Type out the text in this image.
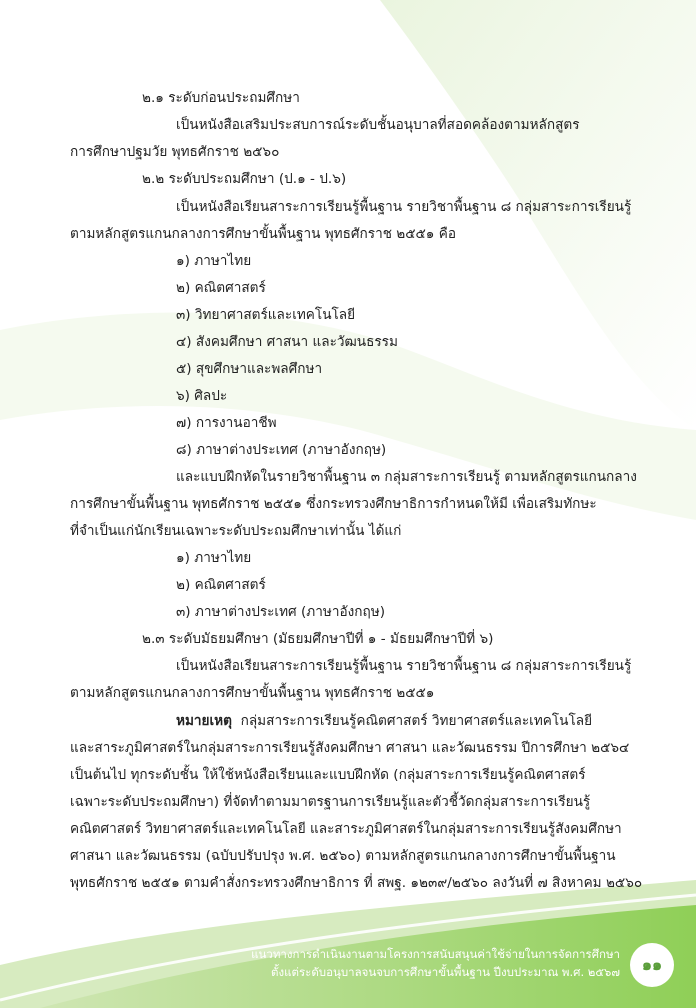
๒.๑ ระดับก่อนประถมศึกษา
เป็นหนังสือเสริมประสบการณ์ระดับชั้นอนุบาลที่สอดคล้องตามหลักสูตร
การศึกษาปฐมวัย พุทธศักราช ๒๕๖๐
๒.๒ ระดับประถมศึกษา (ป.๑ - ป.๖)
เป็นหนังสือเรียนสาระการเรียนรู้พื้นฐาน รายวิชาพื้นฐาน ๘ กลุ่มสาระการเรียนรู้
ตามหลักสูตรแกนกลางการศึกษาขั้นพื้นฐาน พุทธศักราช ๒๕๕๑ คือ
๑) ภาษาไทย
๒) คณิตศาสตร์
๓) วิทยาศาสตร์และเทคโนโลยี
๔) สังคมศึกษา ศาสนา และวัฒนธรรม
๕) สุขศึกษาและพลศึกษา
๖) ศิลปะ
๗) การงานอาชีพ
๘) ภาษาต่างประเทศ (ภาษาอังกฤษ)
และแบบฝึกหัดในรายวิชาพื้นฐาน ๓ กลุ่มสาระการเรียนรู้ ตามหลักสูตรแกนกลาง
การศึกษาขั้นพื้นฐาน พุทธศักราช ๒๕๕๑ ซึ่งกระทรวงศึกษาธิการกำหนดให้มี เพื่อเสริมทักษะ
ที่จำเป็นแก่นักเรียนเฉพาะระดับประถมศึกษาเท่านั้น ได้แก่
๑) ภาษาไทย
๒) คณิตศาสตร์
๓) ภาษาต่างประเทศ (ภาษาอังกฤษ)
๒.๓ ระดับมัธยมศึกษา (มัธยมศึกษาปีที่ ๑ - มัธยมศึกษาปีที่ ๖)
เป็นหนังสือเรียนสาระการเรียนรู้พื้นฐาน รายวิชาพื้นฐาน ๘ กลุ่มสาระการเรียนรู้
ตามหลักสูตรแกนกลางการศึกษาขั้นพื้นฐาน พุทธศักราช ๒๕๕๑
หมายเหตุ กลุ่มสาระการเรียนรู้คณิตศาสตร์ วิทยาศาสตร์และเทคโนโลยี
และสาระภูมิศาสตร์ในกลุ่มสาระการเรียนรู้สังคมศึกษา ศาสนา และวัฒนธรรม ปีการศึกษา ๒๕๖๔
เป็นต้นไป ทุกระดับชั้น ให้ใช้หนังสือเรียนและแบบฝึกหัด (กลุ่มสาระการเรียนรู้คณิตศาสตร์
เฉพาะระดับประถมศึกษา) ที่จัดทำตามมาตรฐานการเรียนรู้และตัวชี้วัดกลุ่มสาระการเรียนรู้
คณิตศาสตร์ วิทยาศาสตร์และเทคโนโลยี และสาระภูมิศาสตร์ในกลุ่มสาระการเรียนรู้สังคมศึกษา
ศาสนา และวัฒนธรรม (ฉบับปรับปรุง พ.ศ. ๒๕๖๐) ตามหลักสูตรแกนกลางการศึกษาขั้นพื้นฐาน
พุทธศักราช ๒๕๕๑ ตามคำสั่งกระทรวงศึกษาธิการ ที่ สพฐ. ๑๒๓๙/๒๕๖๐ ลงวันที่ ๗ สิงหาคม ๒๕๖๐
แนวทางการดำเนินงานตามโครงการสนับสนุนค่าใช้จ่ายในการจัดการศึกษา
ตั้งแต่ระดับอนุบาลจนจบการศึกษาขั้นพื้นฐาน ปีงบประมาณ พ.ศ. ๒๕๖๗ ๑๑
